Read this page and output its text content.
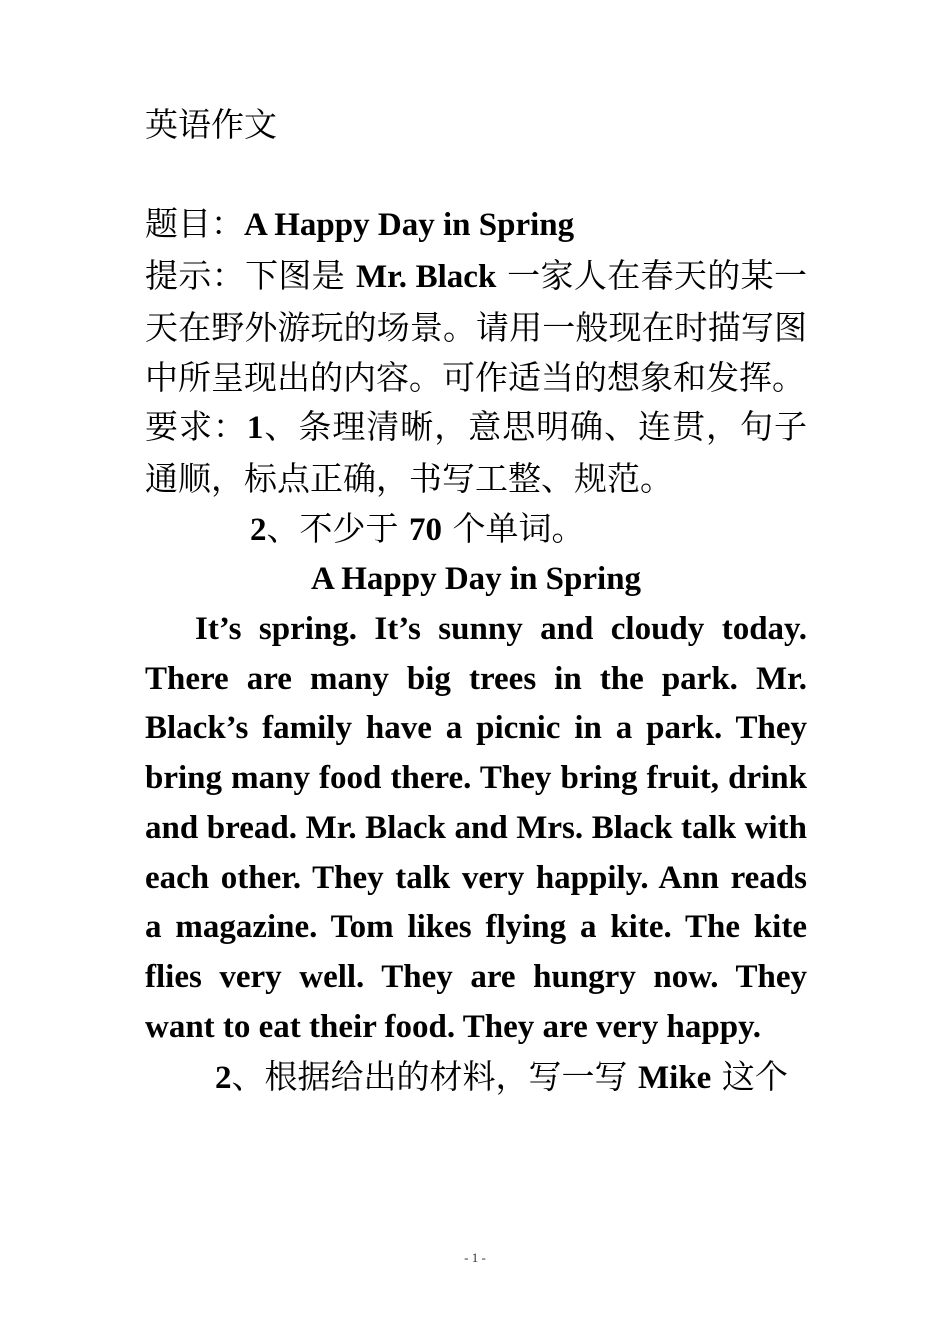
英语作文
题目：A Happy Day in Spring

提示：下图是 Mr. Black 一家人在春天的某一天在野外游玩的场景。请用一般现在时描写图中所呈现出的内容。可作适当的想象和发挥。

要求：1、条理清晰，意思明确、连贯，句子通顺，标点正确，书写工整、规范。

2、不少于 70 个单词。
A Happy Day in Spring

It’s spring. It’s sunny and cloudy today. There are many big trees in the park. Mr. Black’s family have a picnic in a park. They bring many food there. They bring fruit, drink and bread. Mr. Black and Mrs. Black talk with each other. They talk very happily. Ann reads a magazine. Tom likes flying a kite. The kite flies very well. They are hungry now. They want to eat their food. They are very happy.

2、根据给出的材料，写一写 Mike 这个
- 1 -
